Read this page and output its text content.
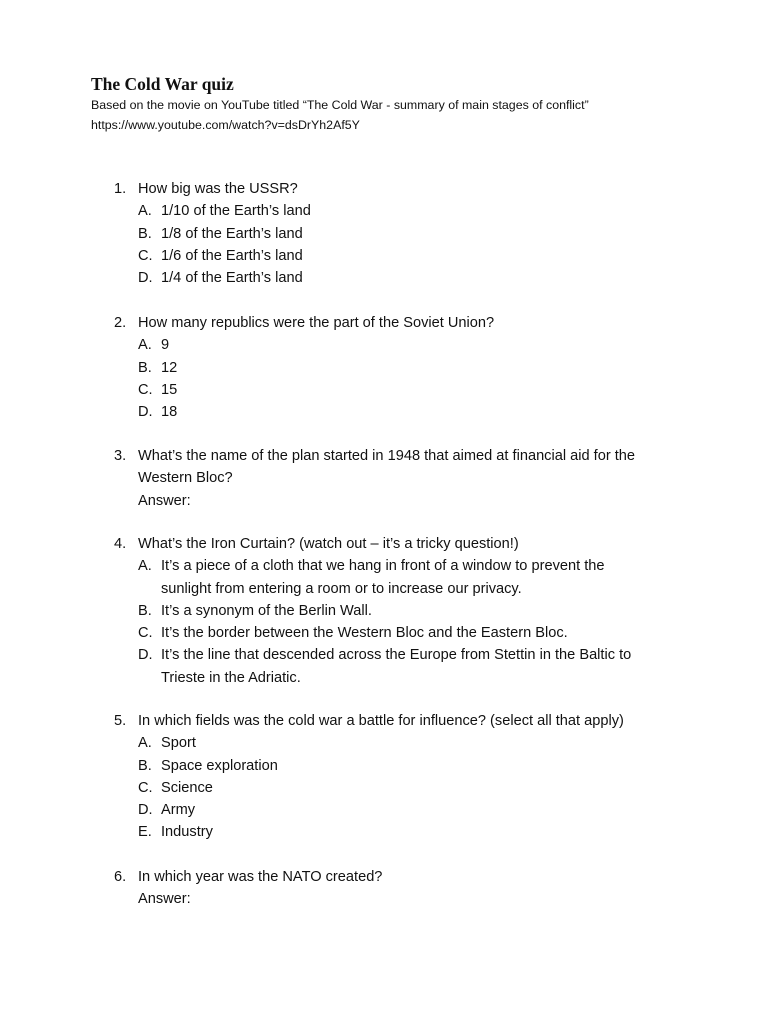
The Cold War quiz
Based on the movie on YouTube titled “The Cold War - summary of main stages of conflict”
https://www.youtube.com/watch?v=dsDrYh2Af5Y
1. How big was the USSR?
A. 1/10 of the Earth’s land
B. 1/8 of the Earth’s land
C. 1/6 of the Earth’s land
D. 1/4 of the Earth’s land
2. How many republics were the part of the Soviet Union?
A. 9
B. 12
C. 15
D. 18
3. What’s the name of the plan started in 1948 that aimed at financial aid for the
Western Bloc?
Answer:
4. What’s the Iron Curtain? (watch out – it’s a tricky question!)
A. It’s a piece of a cloth that we hang in front of a window to prevent the
sunlight from entering a room or to increase our privacy.
B. It’s a synonym of the Berlin Wall.
C. It’s the border between the Western Bloc and the Eastern Bloc.
D. It’s the line that descended across the Europe from Stettin in the Baltic to
Trieste in the Adriatic.
5. In which fields was the cold war a battle for influence? (select all that apply)
A. Sport
B. Space exploration
C. Science
D. Army
E. Industry
6. In which year was the NATO created?
Answer:
